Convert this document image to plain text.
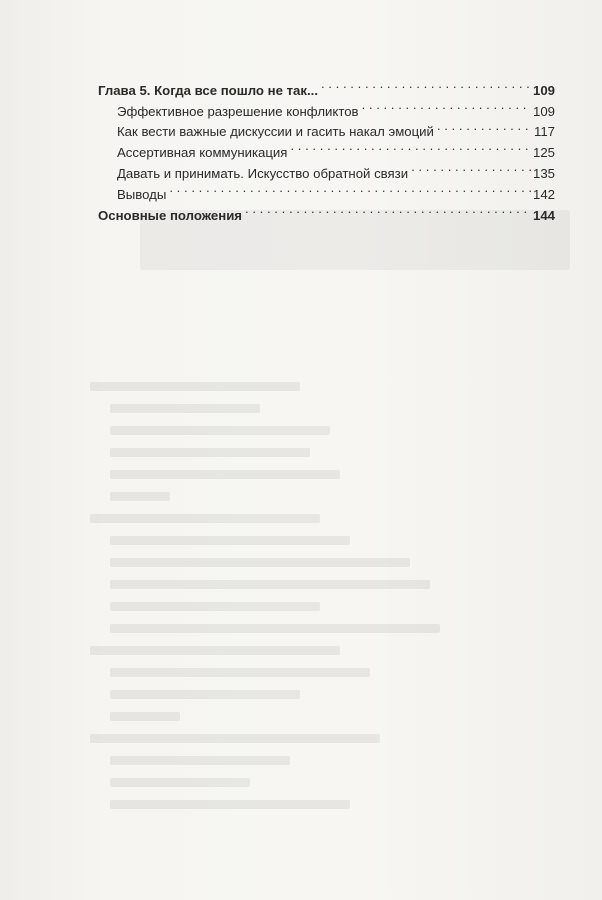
Глава 5. Когда все пошло не так... . . .	109
Эффективное разрешение конфликтов . . .	109
Как вести важные дискуссии и гасить накал эмоций . . .	117
Ассертивная коммуникация . . .	125
Давать и принимать. Искусство обратной связи . . .	135
Выводы . . .	142
Основные положения . . .	144
